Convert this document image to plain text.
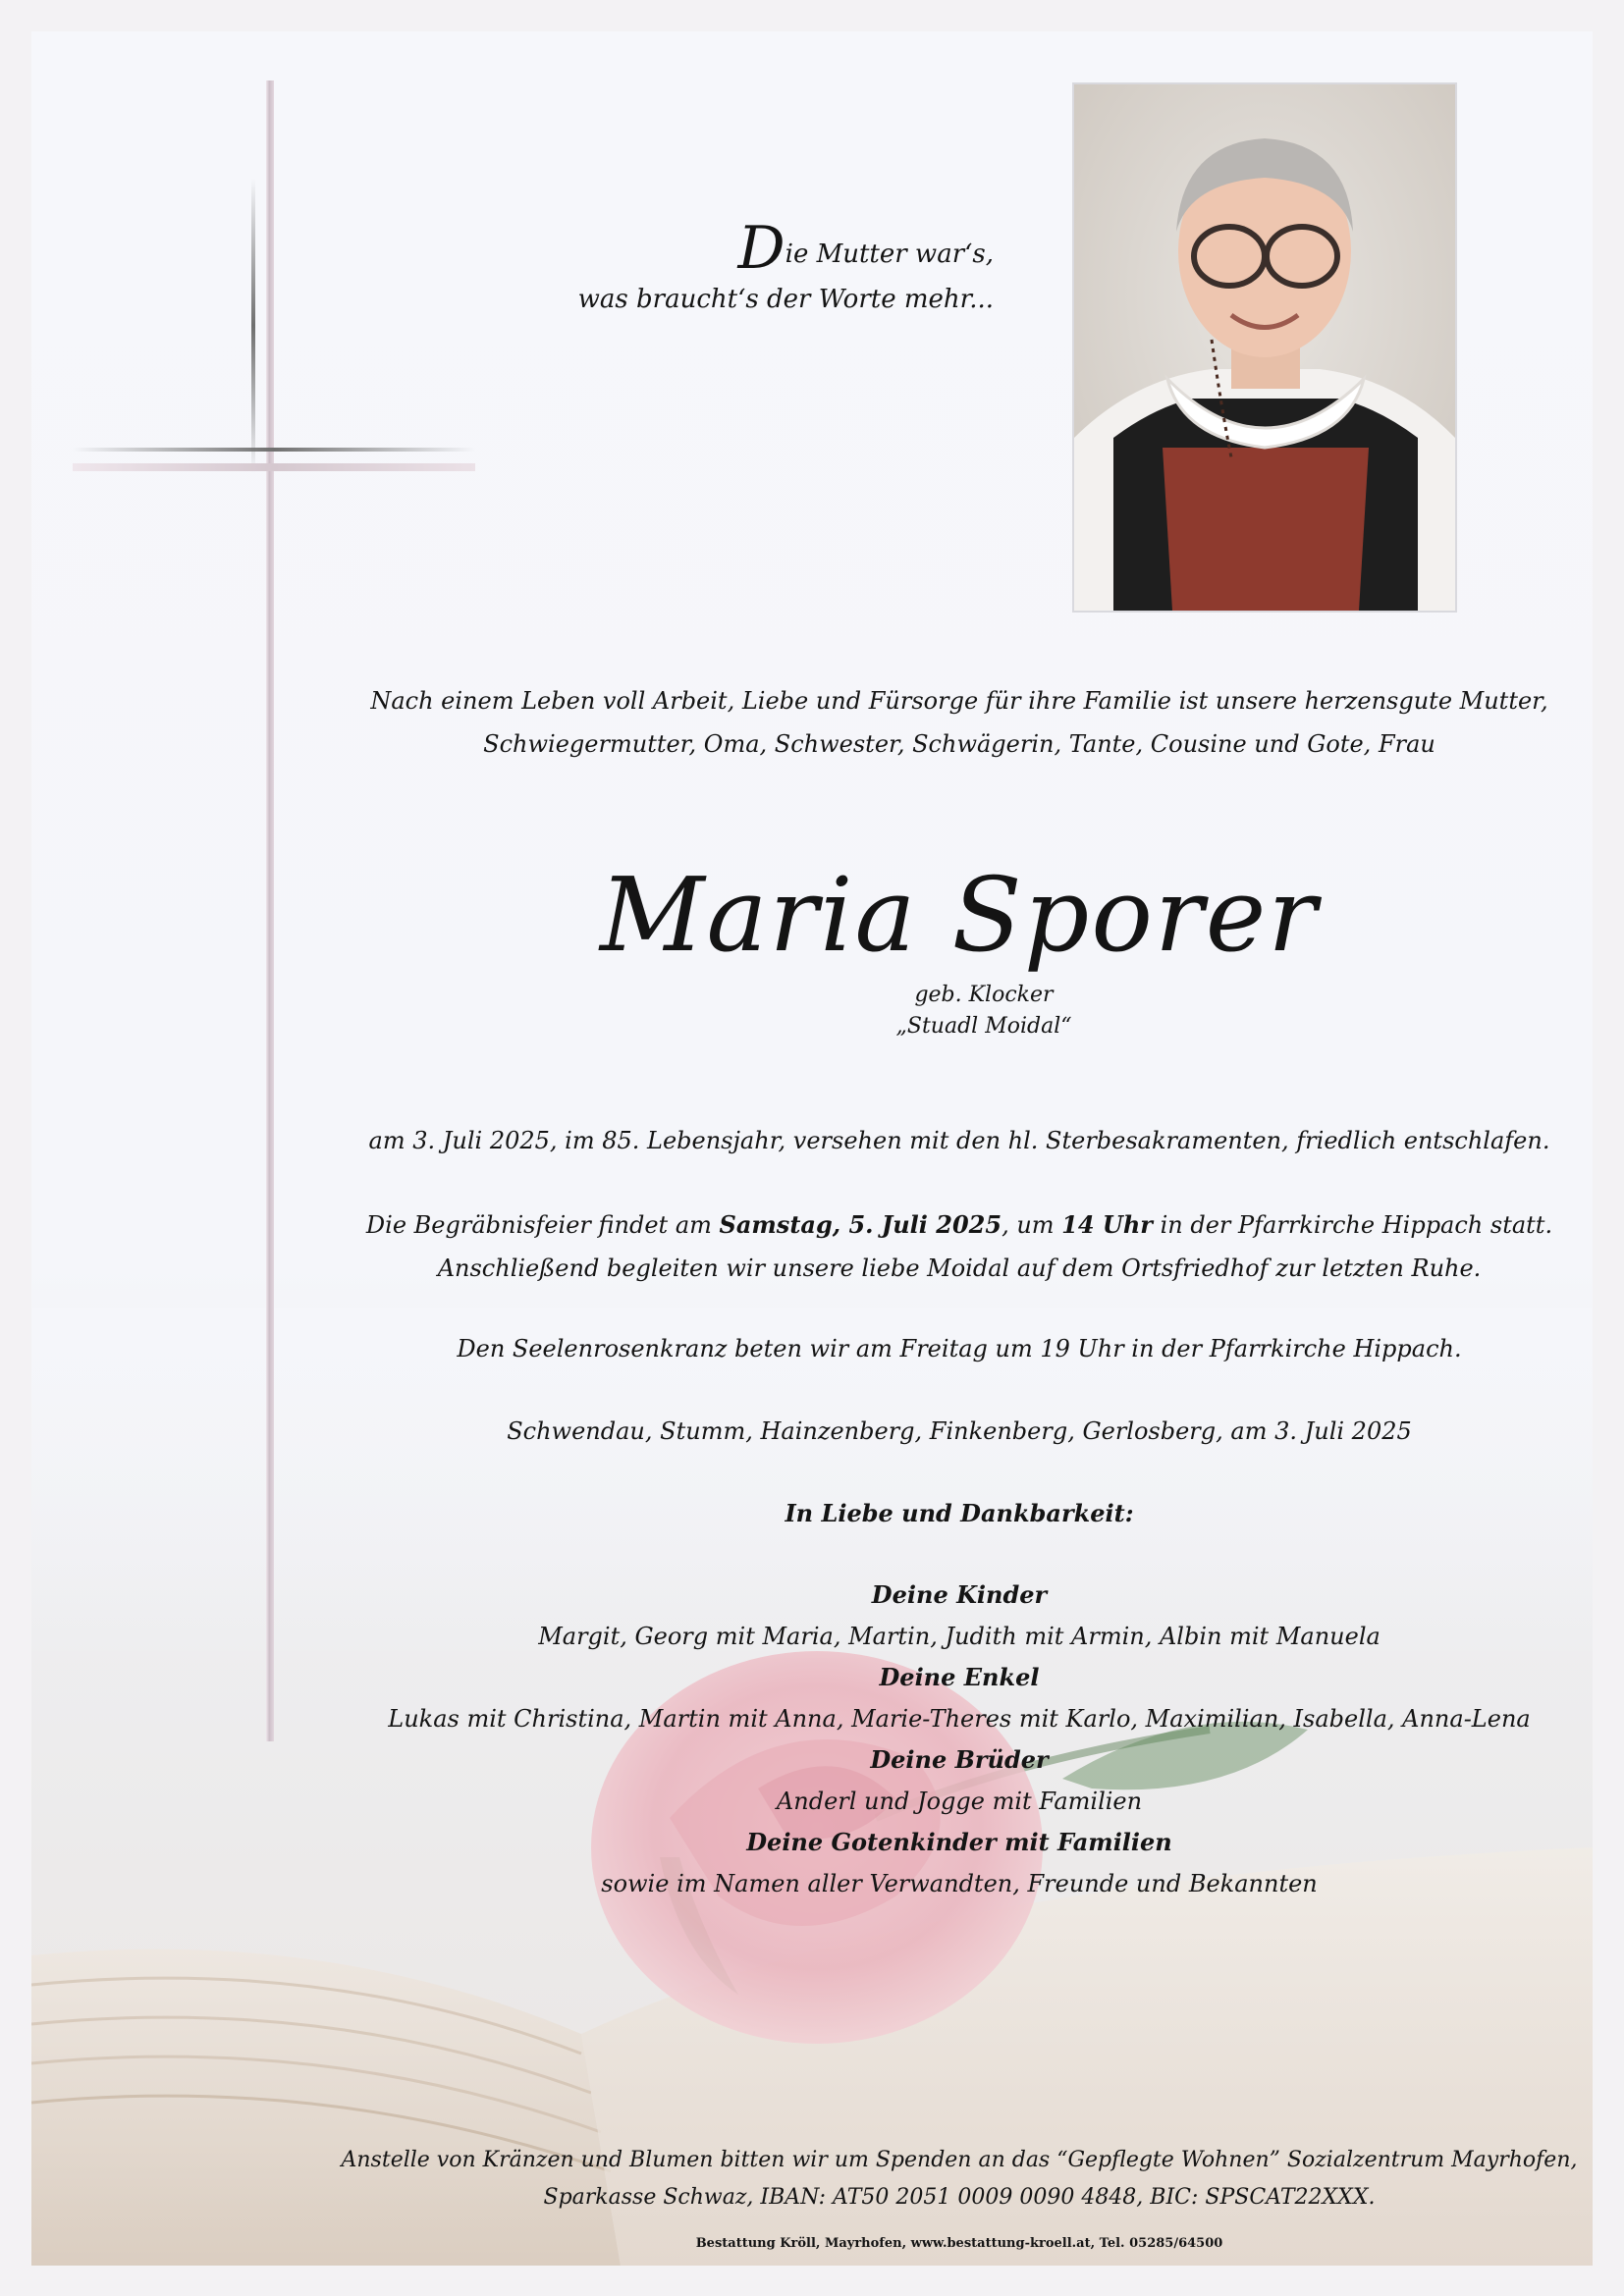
Die Mutter war‘s,
was braucht‘s der Worte mehr...
Nach einem Leben voll Arbeit, Liebe und Fürsorge für ihre Familie ist unsere herzensgute Mutter,
Schwiegermutter, Oma, Schwester, Schwägerin, Tante, Cousine und Gote, Frau
Maria Sporer
geb. Klocker
„Stuadl Moidal“
am 3. Juli 2025, im 85. Lebensjahr, versehen mit den hl. Sterbesakramenten, friedlich entschlafen.
Die Begräbnisfeier findet am Samstag, 5. Juli 2025, um 14 Uhr in der Pfarrkirche Hippach statt.
Anschließend begleiten wir unsere liebe Moidal auf dem Ortsfriedhof zur letzten Ruhe.
Den Seelenrosenkranz beten wir am Freitag um 19 Uhr in der Pfarrkirche Hippach.
Schwendau, Stumm, Hainzenberg, Finkenberg, Gerlosberg, am 3. Juli 2025
In Liebe und Dankbarkeit:
Deine Kinder
Margit, Georg mit Maria, Martin, Judith mit Armin, Albin mit Manuela
Deine Enkel
Lukas mit Christina, Martin mit Anna, Marie-Theres mit Karlo, Maximilian, Isabella, Anna-Lena
Deine Brüder
Anderl und Jogge mit Familien
Deine Gotenkinder mit Familien
sowie im Namen aller Verwandten, Freunde und Bekannten
Anstelle von Kränzen und Blumen bitten wir um Spenden an das “Gepflegte Wohnen” Sozialzentrum Mayrhofen,
Sparkasse Schwaz, IBAN: AT50 2051 0009 0090 4848, BIC: SPSCAT22XXX.
Bestattung Kröll, Mayrhofen, www.bestattung-kroell.at, Tel. 05285/64500
